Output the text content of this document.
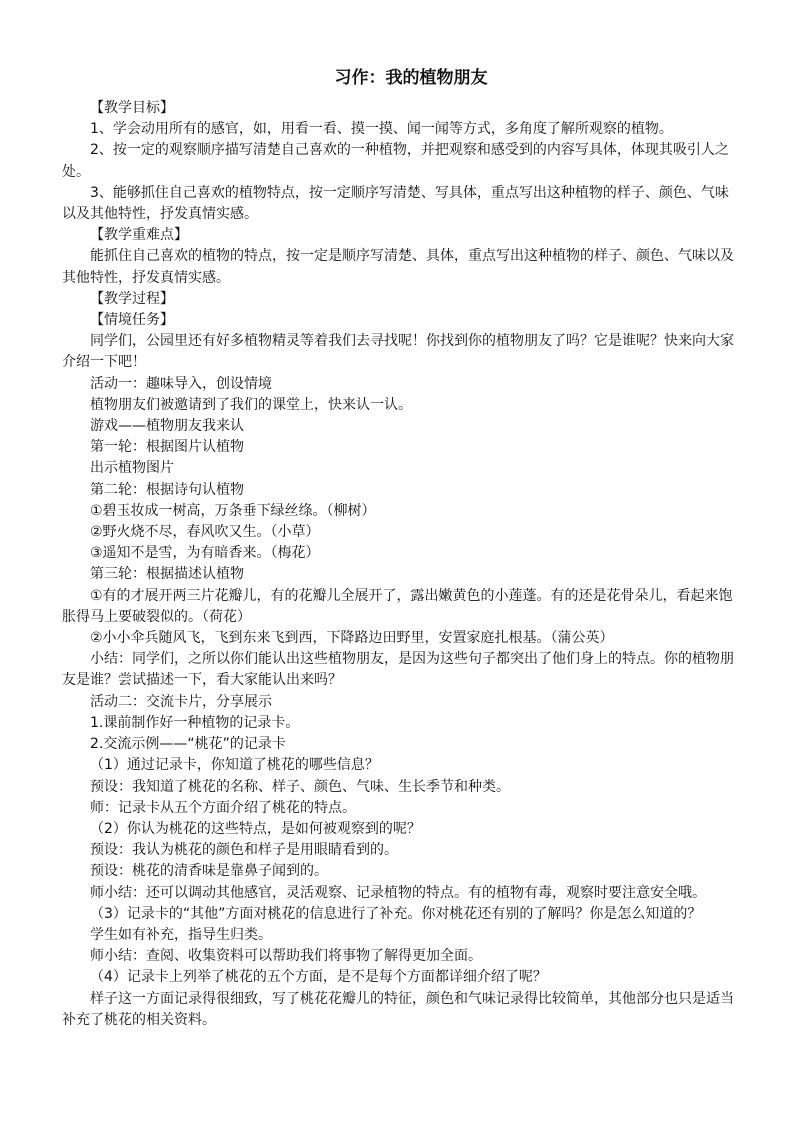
习作：我的植物朋友

【教学目标】

1、学会动用所有的感官，如，用看一看、摸一摸、闻一闻等方式，多角度了解所观察的植物。

2、按一定的观察顺序描写清楚自己喜欢的一种植物，并把观察和感受到的内容写具体，体现其吸引人之处。

3、能够抓住自己喜欢的植物特点，按一定顺序写清楚、写具体，重点写出这种植物的样子、颜色、气味以及其他特性，抒发真情实感。

【教学重难点】

能抓住自己喜欢的植物的特点，按一定是顺序写清楚、具体，重点写出这种植物的样子、颜色、气味以及其他特性，抒发真情实感。

【教学过程】

【情境任务】

同学们，公园里还有好多植物精灵等着我们去寻找呢！你找到你的植物朋友了吗？它是谁呢？快来向大家介绍一下吧！

活动一：趣味导入，创设情境

植物朋友们被邀请到了我们的课堂上，快来认一认。

游戏——植物朋友我来认

第一轮：根据图片认植物

出示植物图片

第二轮：根据诗句认植物

①碧玉妆成一树高，万条垂下绿丝绦。（柳树）

②野火烧不尽，春风吹又生。（小草）

③遥知不是雪，为有暗香来。（梅花）

第三轮：根据描述认植物

①有的才展开两三片花瓣儿，有的花瓣儿全展开了，露出嫩黄色的小莲蓬。有的还是花骨朵儿，看起来饱胀得马上要破裂似的。（荷花）

②小小伞兵随风飞，飞到东来飞到西，下降路边田野里，安置家庭扎根基。（蒲公英）

小结：同学们，之所以你们能认出这些植物朋友，是因为这些句子都突出了他们身上的特点。你的植物朋友是谁？尝试描述一下，看大家能认出来吗？

活动二：交流卡片，分享展示

1.课前制作好一种植物的记录卡。

2.交流示例——“桃花”的记录卡

（1）通过记录卡，你知道了桃花的哪些信息？

预设：我知道了桃花的名称、样子、颜色、气味、生长季节和种类。

师：记录卡从五个方面介绍了桃花的特点。

（2）你认为桃花的这些特点，是如何被观察到的呢？

预设：我认为桃花的颜色和样子是用眼睛看到的。

预设：桃花的清香味是靠鼻子闻到的。

师小结：还可以调动其他感官，灵活观察、记录植物的特点。有的植物有毒，观察时要注意安全哦。

（3）记录卡的“其他”方面对桃花的信息进行了补充。你对桃花还有别的了解吗？你是怎么知道的？

学生如有补充，指导生归类。

师小结：查阅、收集资料可以帮助我们将事物了解得更加全面。

（4）记录卡上列举了桃花的五个方面，是不是每个方面都详细介绍了呢？

样子这一方面记录得很细致，写了桃花花瓣儿的特征，颜色和气味记录得比较简单，其他部分也只是适当补充了桃花的相关资料。
